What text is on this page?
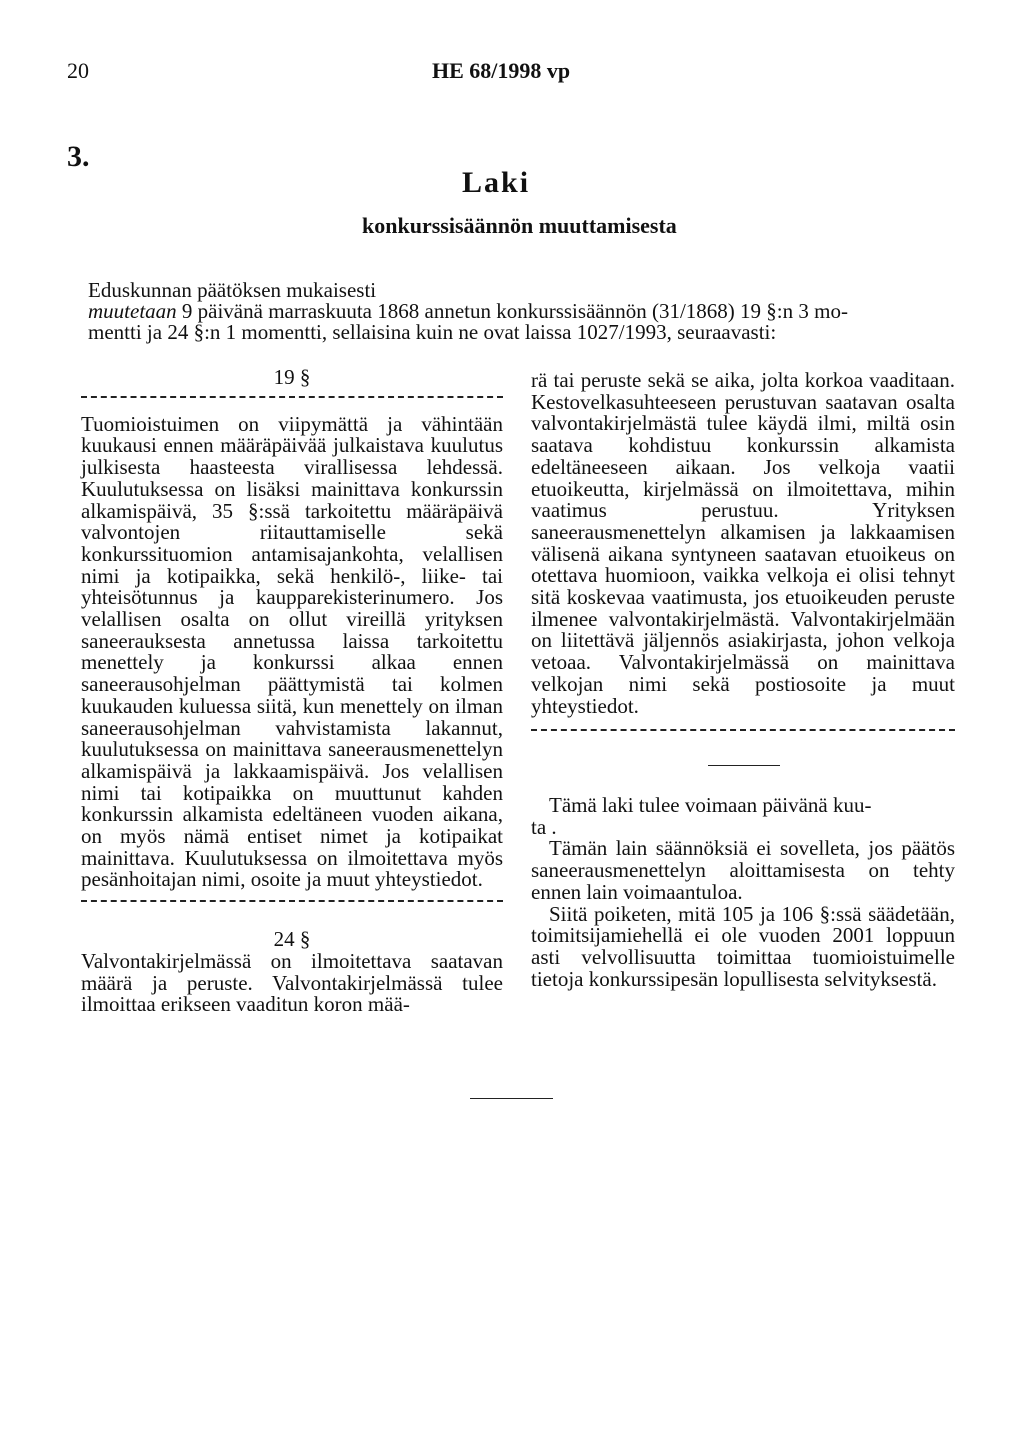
20	HE 68/1998 vp
3.
Laki
konkurssisäännön muuttamisesta

Eduskunnan päätöksen mukaisesti

muutetaan 9 päivänä marraskuuta 1868 annetun konkurssisäännön (31/1868) 19 §:n 3 mo-

mentti ja 24 §:n 1 momentti, sellaisina kuin ne ovat laissa 1027/1993, seuraavasti:

19 §

Tuomioistuimen on viipymättä ja vähintään kuukausi ennen määräpäivää julkaistava kuulutus julkisesta haasteesta virallisessa lehdessä. Kuulutuksessa on lisäksi mainittava konkurssin alkamispäivä, 35 §:ssä tarkoitettu määräpäivä valvontojen riitauttamiselle sekä konkurssituomion antamisajankohta, velallisen nimi ja kotipaikka, sekä henkilö-, liike- tai yhteisötunnus ja kaupparekisterinumero. Jos velallisen osalta on ollut vireillä yrityksen saneerauksesta annetussa laissa tarkoitettu menettely ja konkurssi alkaa ennen saneerausohjelman päättymistä tai kolmen kuukauden kuluessa siitä, kun menettely on ilman saneerausohjelman vahvistamista lakannut, kuulutuksessa on mainittava saneerausmenettelyn alkamispäivä ja lakkaamispäivä. Jos velallisen nimi tai kotipaikka on muuttunut kahden konkurssin alkamista edeltäneen vuoden aikana, on myös nämä entiset nimet ja kotipaikat mainittava. Kuulutuksessa on ilmoitettava myös pesänhoitajan nimi, osoite ja muut yhteystiedot.

24 §

Valvontakirjelmässä on ilmoitettava saatavan määrä ja peruste. Valvontakirjelmässä tulee ilmoittaa erikseen vaaditun koron mää-

rä tai peruste sekä se aika, jolta korkoa vaaditaan. Kestovelkasuhteeseen perustuvan saatavan osalta valvontakirjelmästä tulee käydä ilmi, miltä osin saatava kohdistuu konkurssin alkamista edeltäneeseen aikaan. Jos velkoja vaatii etuoikeutta, kirjelmässä on ilmoitettava, mihin vaatimus perustuu. Yrityksen saneerausmenettelyn alkamisen ja lakkaamisen välisenä aikana syntyneen saatavan etuoikeus on otettava huomioon, vaikka velkoja ei olisi tehnyt sitä koskevaa vaatimusta, jos etuoikeuden peruste ilmenee valvontakirjelmästä. Valvontakirjelmään on liitettävä jäljennös asiakirjasta, johon velkoja vetoaa. Valvontakirjelmässä on mainittava velkojan nimi sekä postiosoite ja muut yhteystiedot.

Tämä laki tulee voimaan päivänä kuu-

ta .

Tämän lain säännöksiä ei sovelleta, jos päätös saneerausmenettelyn aloittamisesta on tehty ennen lain voimaantuloa.

Siitä poiketen, mitä 105 ja 106 §:ssä säädetään, toimitsijamiehellä ei ole vuoden 2001 loppuun asti velvollisuutta toimittaa tuomioistuimelle tietoja konkurssipesän lopullisesta selvityksestä.
